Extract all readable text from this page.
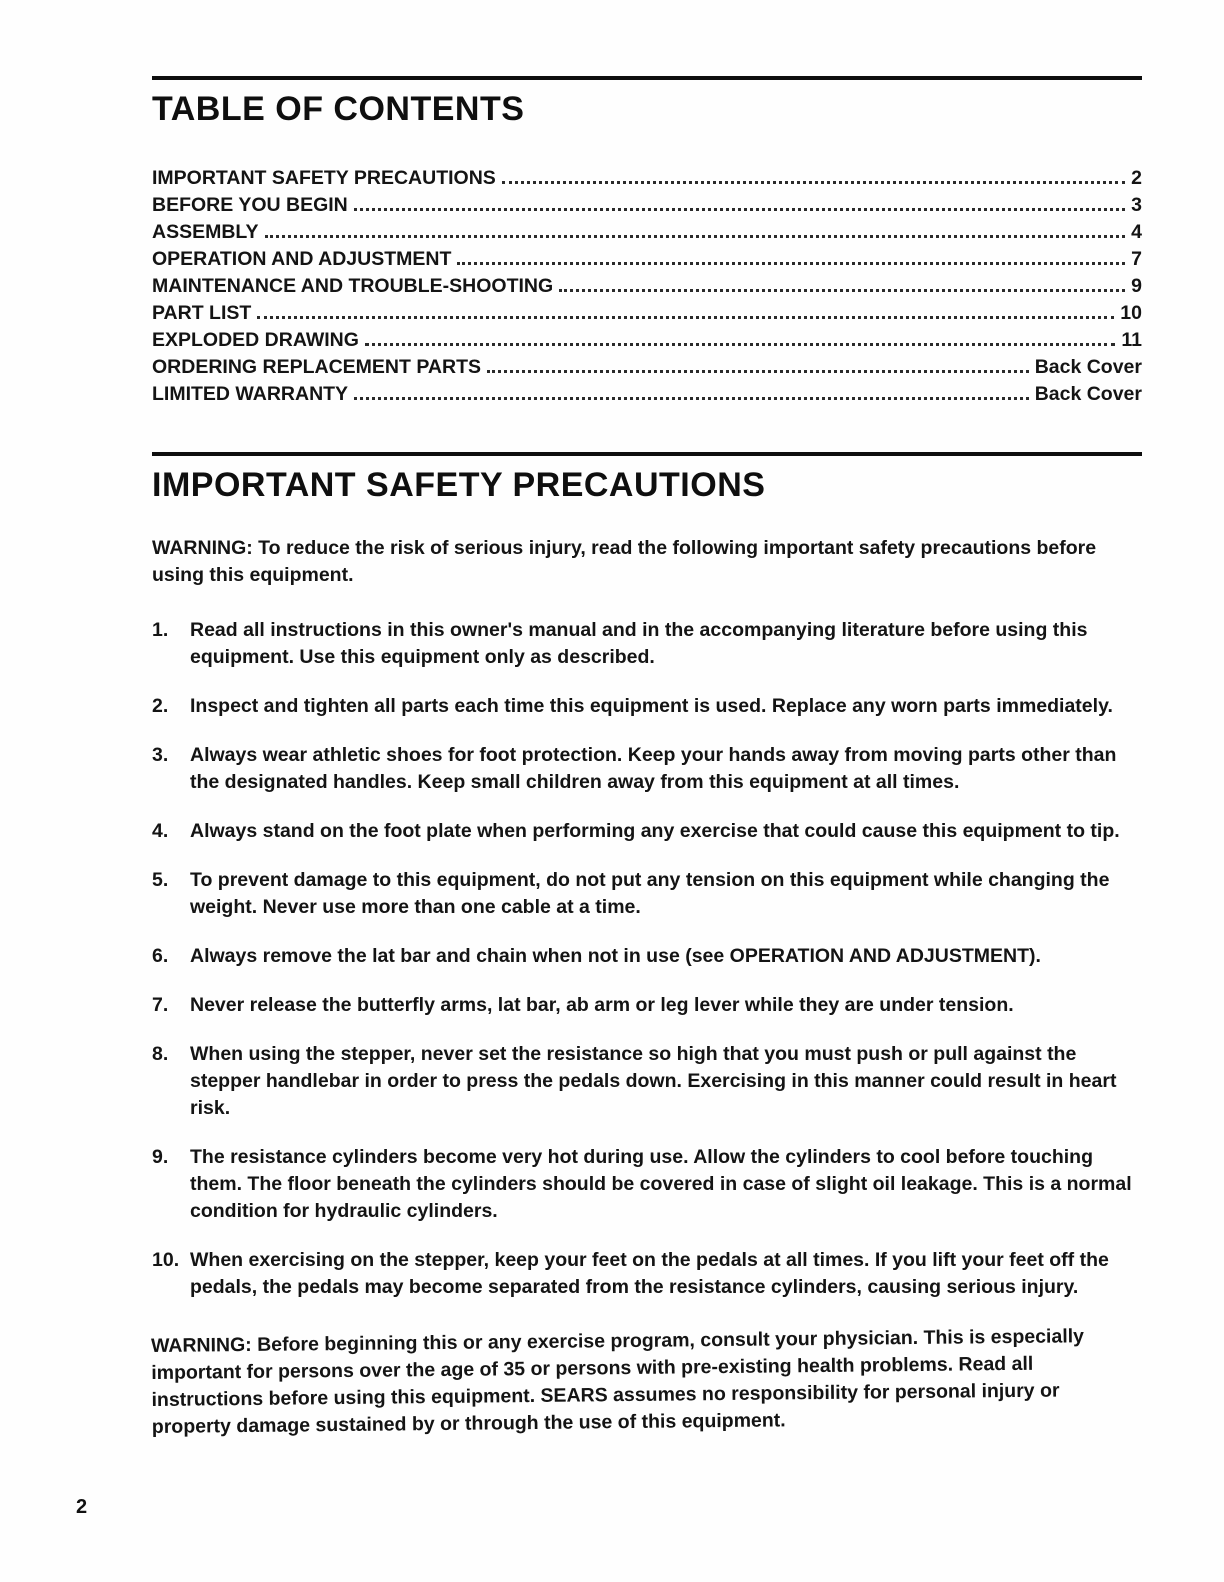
TABLE OF CONTENTS
IMPORTANT SAFETY PRECAUTIONS	2
BEFORE YOU BEGIN	3
ASSEMBLY	4
OPERATION AND ADJUSTMENT	7
MAINTENANCE AND TROUBLE-SHOOTING	9
PART LIST	10
EXPLODED DRAWING	11
ORDERING REPLACEMENT PARTS	Back Cover
LIMITED WARRANTY	Back Cover
IMPORTANT SAFETY PRECAUTIONS

WARNING: To reduce the risk of serious injury, read the following important safety precautions before using this equipment.

1.	Read all instructions in this owner's manual and in the accompanying literature before using this equipment. Use this equipment only as described.
2.	Inspect and tighten all parts each time this equipment is used. Replace any worn parts immediately.
3.	Always wear athletic shoes for foot protection. Keep your hands away from moving parts other than the designated handles. Keep small children away from this equipment at all times.
4.	Always stand on the foot plate when performing any exercise that could cause this equipment to tip.
5.	To prevent damage to this equipment, do not put any tension on this equipment while changing the weight. Never use more than one cable at a time.
6.	Always remove the lat bar and chain when not in use (see OPERATION AND ADJUSTMENT).
7.	Never release the butterfly arms, lat bar, ab arm or leg lever while they are under tension.
8.	When using the stepper, never set the resistance so high that you must push or pull against the stepper handlebar in order to press the pedals down. Exercising in this manner could result in heart risk.
9.	The resistance cylinders become very hot during use. Allow the cylinders to cool before touching them. The floor beneath the cylinders should be covered in case of slight oil leakage. This is a normal condition for hydraulic cylinders.
10. When exercising on the stepper, keep your feet on the pedals at all times. If you lift your feet off the pedals, the pedals may become separated from the resistance cylinders, causing serious injury.

WARNING: Before beginning this or any exercise program, consult your physician. This is especially important for persons over the age of 35 or persons with pre-existing health problems. Read all instructions before using this equipment. SEARS assumes no responsibility for personal injury or property damage sustained by or through the use of this equipment.

2
